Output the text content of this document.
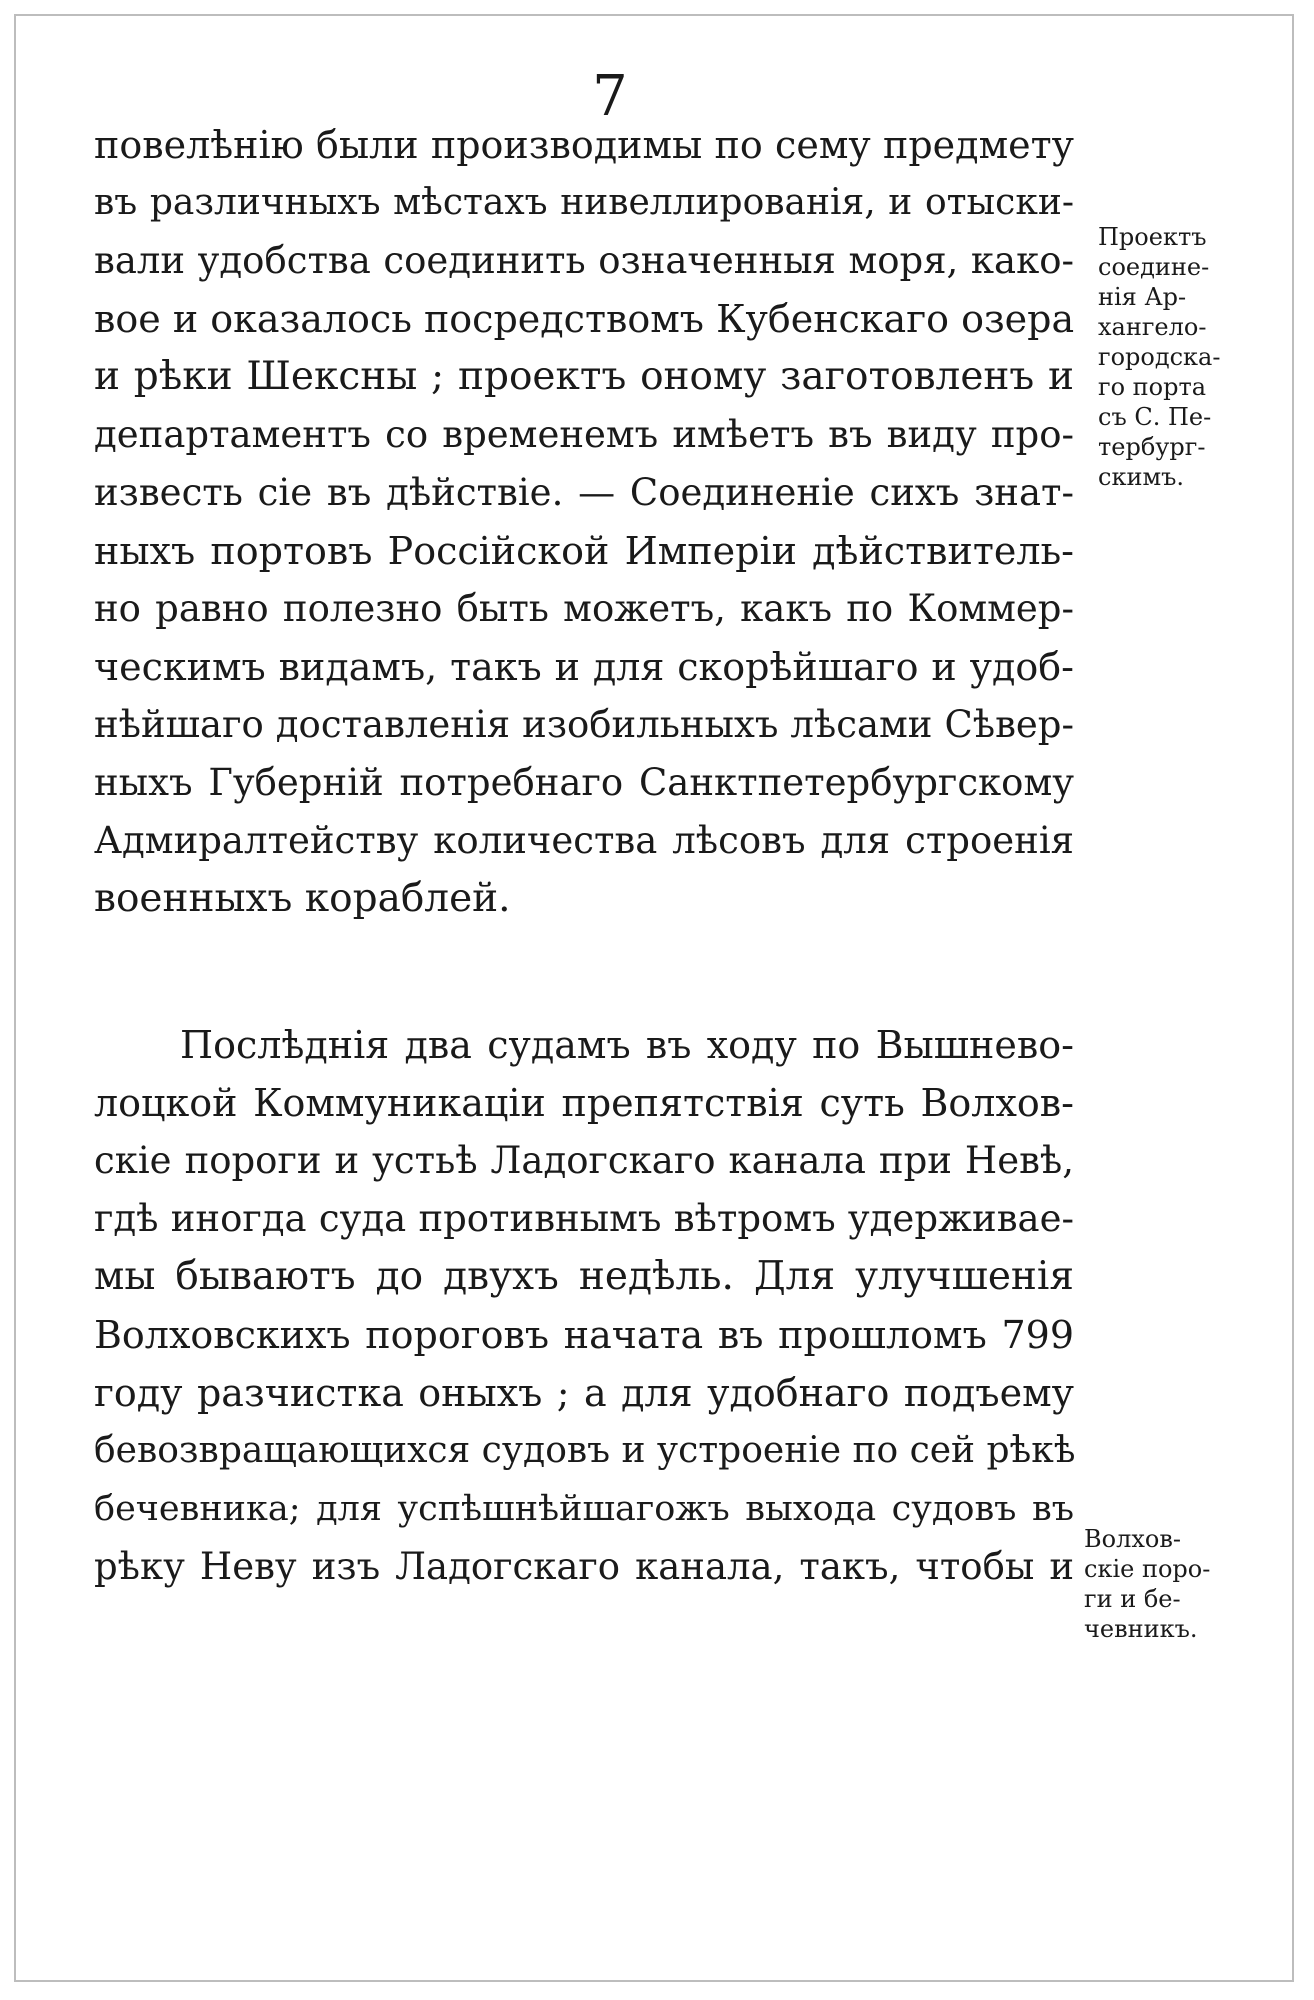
7
повелѣнію были производимы по сему предмету
въ различныхъ мѣстахъ нивеллированія, и отыски-
вали удобства соединить означенныя моря, како-
вое и оказалось посредствомъ Кубенскаго озера
и рѣки Шексны ; проектъ оному заготовленъ и
департаментъ со временемъ имѣетъ въ виду про-
известь сіе въ дѣйствіе. — Соединеніе сихъ знат-
ныхъ портовъ Россійской Имперіи дѣйствитель-
но равно полезно быть можетъ, какъ по Коммер-
ческимъ видамъ, такъ и для скорѣйшаго и удоб-
нѣйшаго доставленія изобильныхъ лѣсами Сѣвер-
ныхъ Губерній потребнаго Санктпетербургскому
Адмиралтейству количества лѣсовъ для строенія
военныхъ кораблей.
Послѣднія два судамъ въ ходу по Вышнево-
лоцкой Коммуникаціи препятствія суть Волхов-
скіе пороги и устьѣ Ладогскаго канала при Невѣ,
гдѣ иногда суда противнымъ вѣтромъ удерживае-
мы бываютъ до двухъ недѣль. Для улучшенія
Волховскихъ пороговъ начата въ прошломъ 799
году разчистка оныхъ ; а для удобнаго подъему
бевозвращающихся судовъ и устроеніе по сей рѣкѣ
бечевника; для успѣшнѣйшагожъ выхода судовъ въ
рѣку Неву изъ Ладогскаго канала, такъ, чтобы и
Проектъ
соедине-
нія Ар-
хангело-
городска-
го порта
съ С. Пе-
тербург-
скимъ.
Волхов-
скіе поро-
ги и бе-
чевникъ.
